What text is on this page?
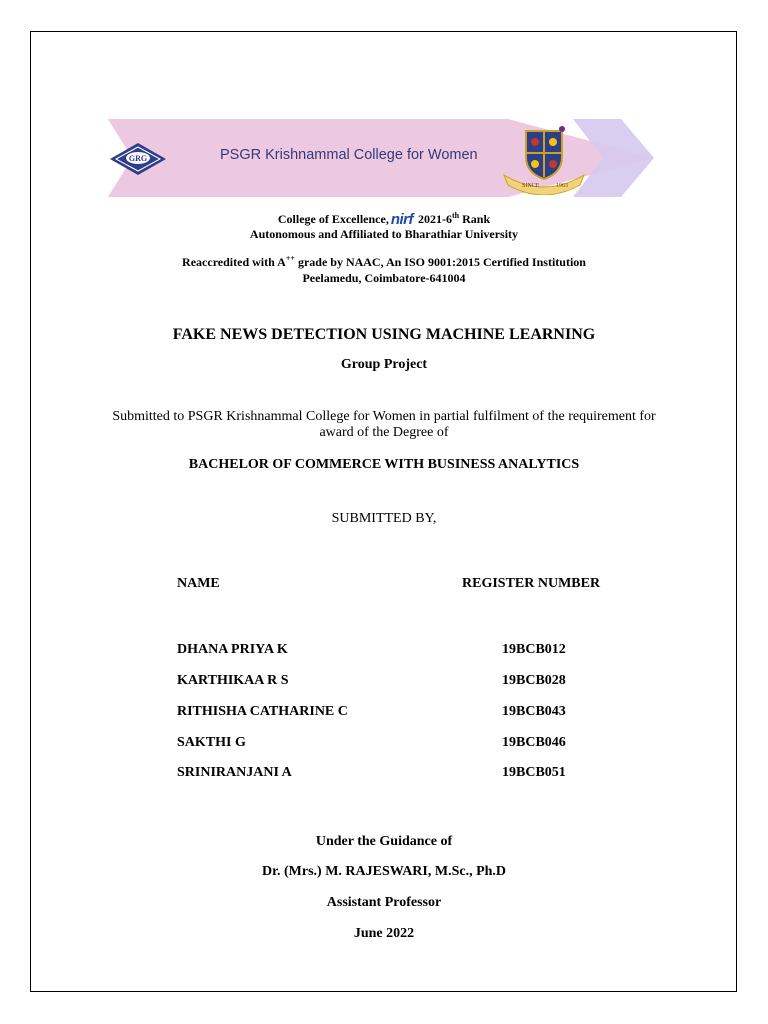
GRG	PSGR Krishnammal College for Women
SINCE	1963
College of Excellence, nirf 2021-6th Rank
Autonomous and Affiliated to Bharathiar University
Reaccredited with A++ grade by NAAC, An ISO 9001:2015 Certified Institution
Peelamedu, Coimbatore-641004
FAKE NEWS DETECTION USING MACHINE LEARNING
Group Project
Submitted to PSGR Krishnammal College for Women in partial fulfilment of the requirement for
award of the Degree of
BACHELOR OF COMMERCE WITH BUSINESS ANALYTICS
SUBMITTED BY,
NAME	REGISTER NUMBER
DHANA PRIYA K	19BCB012
KARTHIKAA R S	19BCB028
RITHISHA CATHARINE C	19BCB043
SAKTHI G	19BCB046
SRINIRANJANI A	19BCB051
Under the Guidance of
Dr. (Mrs.) M. RAJESWARI, M.Sc., Ph.D
Assistant Professor
June 2022
